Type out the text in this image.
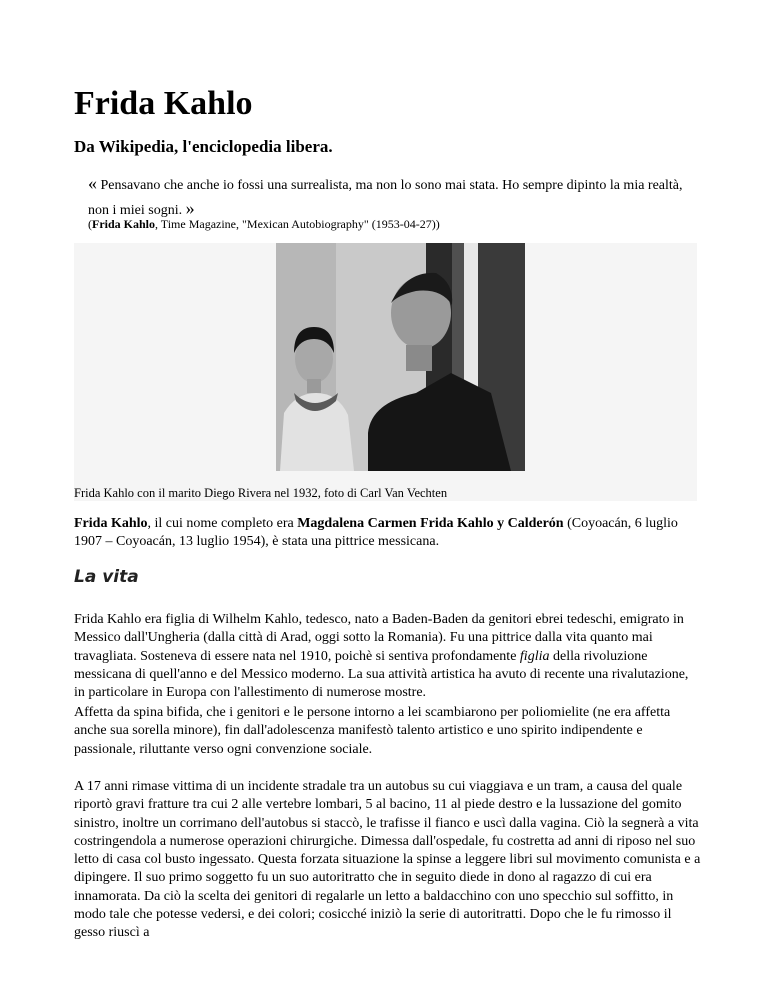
Frida Kahlo
Da Wikipedia, l'enciclopedia libera.
« Pensavano che anche io fossi una surrealista, ma non lo sono mai stata. Ho sempre dipinto la mia realtà, non i miei sogni. »
(Frida Kahlo, Time Magazine, "Mexican Autobiography" (1953-04-27))
Frida Kahlo con il marito Diego Rivera nel 1932, foto di Carl Van Vechten
Frida Kahlo, il cui nome completo era Magdalena Carmen Frida Kahlo y Calderón (Coyoacán, 6 luglio 1907 – Coyoacán, 13 luglio 1954), è stata una pittrice messicana.
La vita

Frida Kahlo era figlia di Wilhelm Kahlo, tedesco, nato a Baden-Baden da genitori ebrei tedeschi, emigrato in Messico dall'Ungheria (dalla città di Arad, oggi sotto la Romania). Fu una pittrice dalla vita quanto mai travagliata. Sosteneva di essere nata nel 1910, poichè si sentiva profondamente figlia della rivoluzione messicana di quell'anno e del Messico moderno. La sua attività artistica ha avuto di recente una rivalutazione, in particolare in Europa con l'allestimento di numerose mostre.

Affetta da spina bifida, che i genitori e le persone intorno a lei scambiarono per poliomielite (ne era affetta anche sua sorella minore), fin dall'adolescenza manifestò talento artistico e uno spirito indipendente e passionale, riluttante verso ogni convenzione sociale.

A 17 anni rimase vittima di un incidente stradale tra un autobus su cui viaggiava e un tram, a causa del quale riportò gravi fratture tra cui 2 alle vertebre lombari, 5 al bacino, 11 al piede destro e la lussazione del gomito sinistro, inoltre un corrimano dell'autobus si staccò, le trafisse il fianco e uscì dalla vagina. Ciò la segnerà a vita costringendola a numerose operazioni chirurgiche. Dimessa dall'ospedale, fu costretta ad anni di riposo nel suo letto di casa col busto ingessato. Questa forzata situazione la spinse a leggere libri sul movimento comunista e a dipingere. Il suo primo soggetto fu un suo autoritratto che in seguito diede in dono al ragazzo di cui era innamorata. Da ciò la scelta dei genitori di regalarle un letto a baldacchino con uno specchio sul soffitto, in modo tale che potesse vedersi, e dei colori; cosicché iniziò la serie di autoritratti. Dopo che le fu rimosso il gesso riuscì a
